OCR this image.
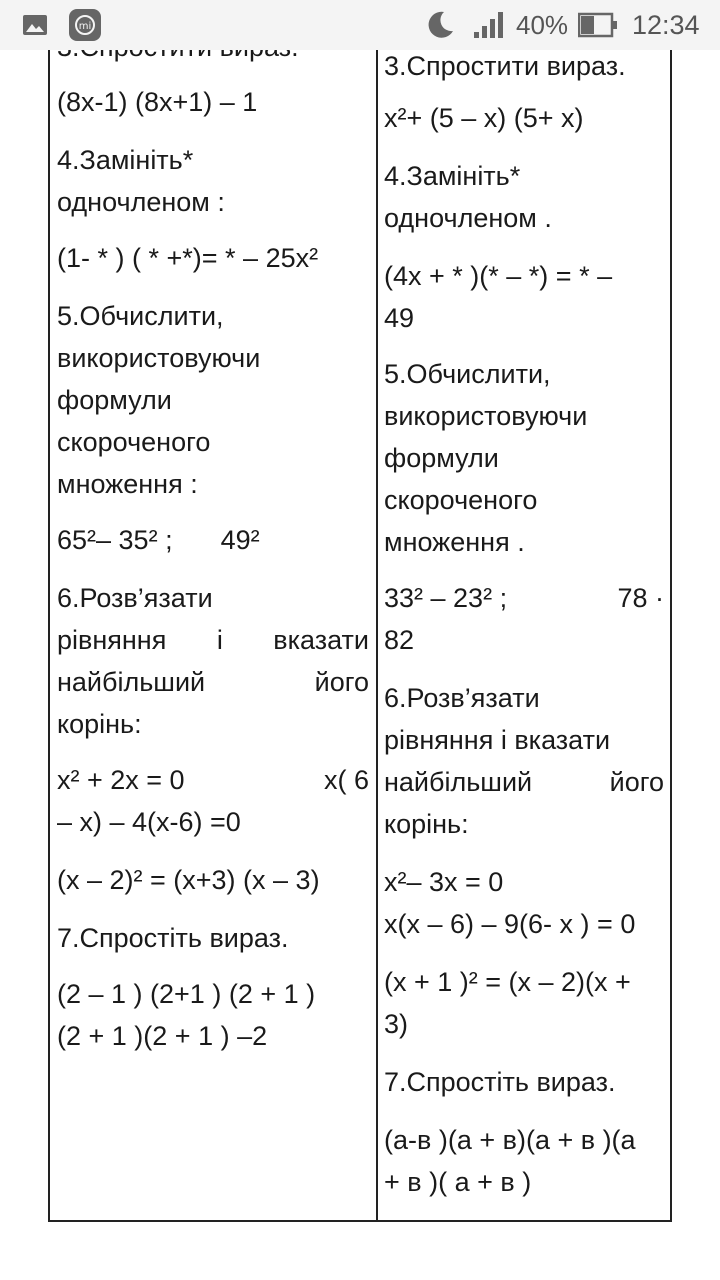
(8x-1) (8x+1) – 1
4.Замініть*
одночленом :
(1- * ) ( * +*)= * – 25x²
5.Обчислити,
використовуючи
формули
скороченого
множення :
65²– 35² ; 49²
6.Розв’язати
рівняння і вказати
найбільший	його
корінь:
x² + 2x = 0	x( 6
– x) – 4(x-6) =0
(x – 2)² = (x+3) (x – 3)
7.Спростіть вираз.
(2 – 1 ) (2+1 ) (2 + 1 )
(2 + 1 )(2 + 1 ) –2
3.Спростити вираз.
x²+ (5 – x) (5+ x)
4.Замініть*
одночленом .
(4x + * )(* – *) = * –
49
5.Обчислити,
використовуючи
формули
скороченого
множення .
33² – 23² ;	78 ·
82
6.Розв’язати
рівняння і вказати
найбільший	його
корінь:
x²– 3x = 0
x(x – 6) – 9(6- x ) = 0
(x + 1 )² = (x – 2)(x +
3)
7.Спростіть вираз.
(а-в )(а + в)(а + в )(а
+ в )( а + в )
mi	40% 12:34
